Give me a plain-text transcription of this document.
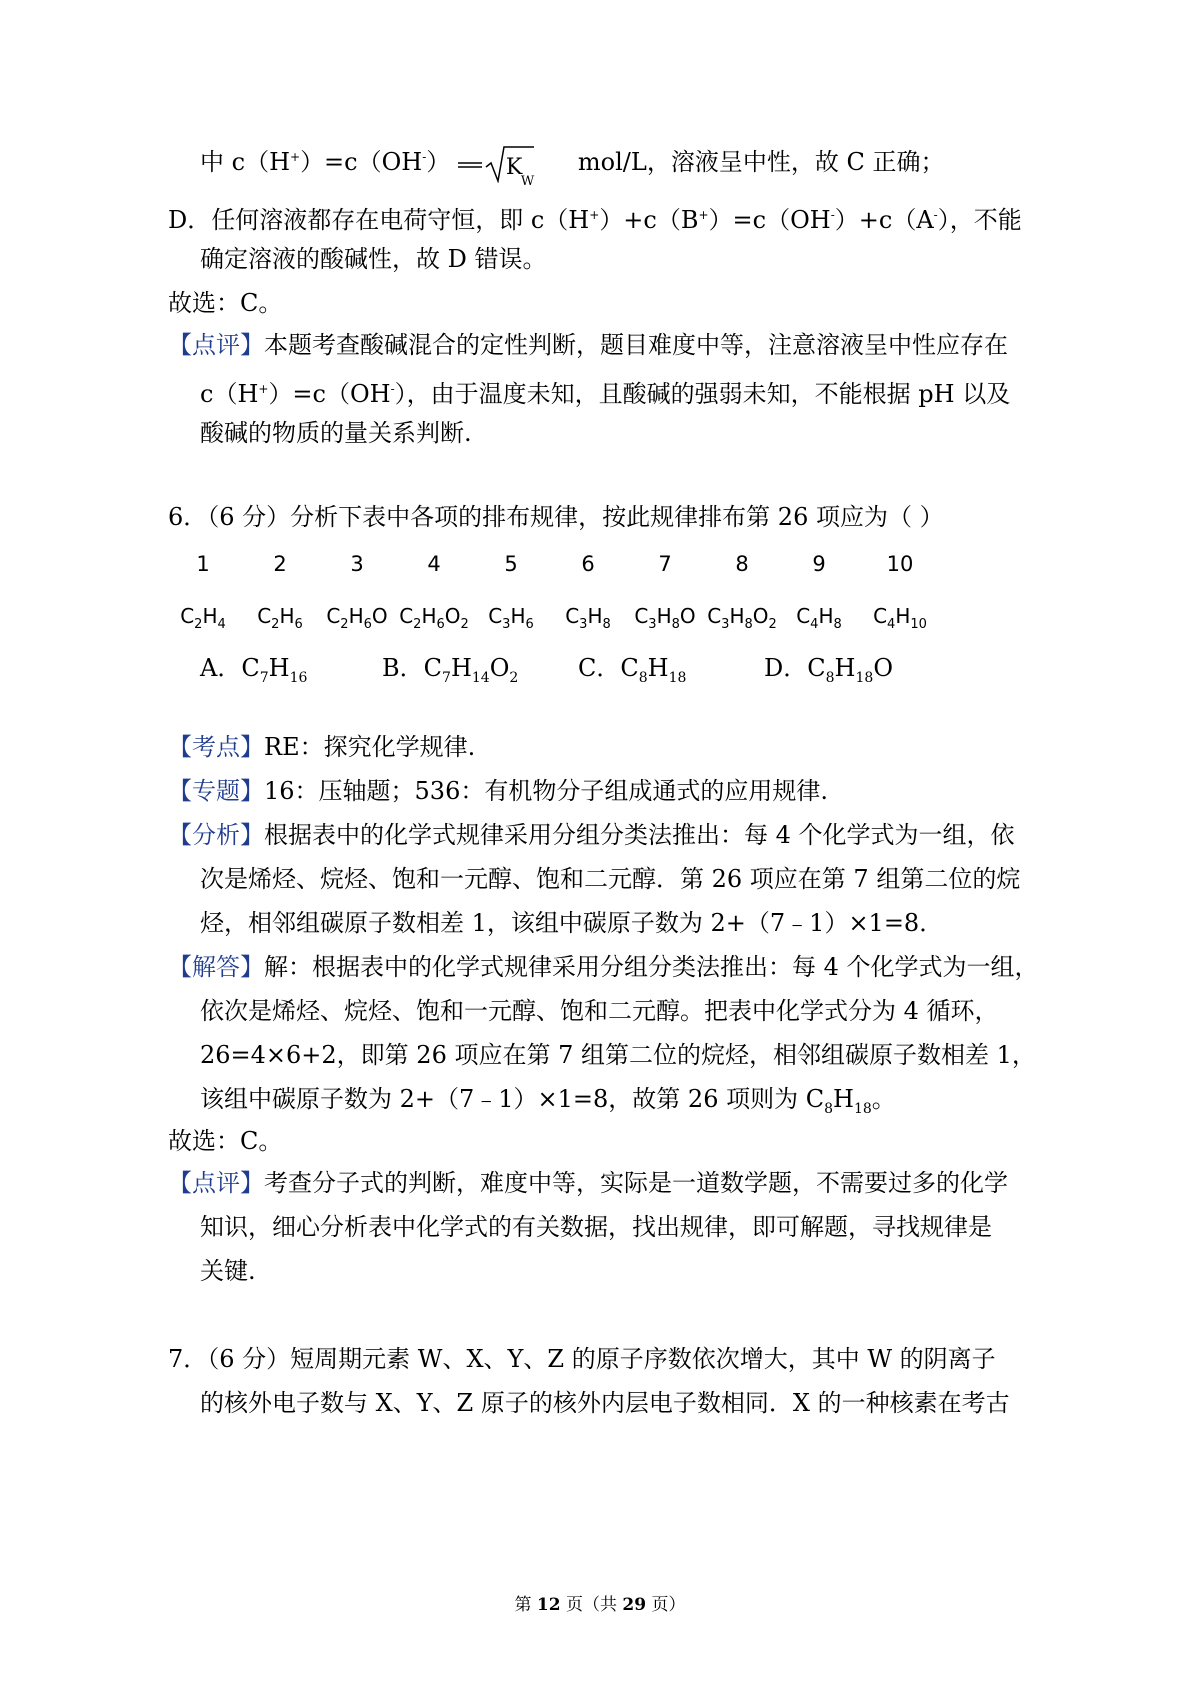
中 c（H+）=c（OH-）	K
W
mol/L，溶液呈中性，故 C 正确；
D．任何溶液都存在电荷守恒，即 c（H+）+c（B+）=c（OH-）+c（A-），不能
确定溶液的酸碱性，故 D 错误。
故选：C。
【点评】本题考查酸碱混合的定性判断，题目难度中等，注意溶液呈中性应存在
c（H+）=c（OH-），由于温度未知，且酸碱的强弱未知，不能根据 pH 以及
酸碱的物质的量关系判断.
6．（6 分）分析下表中各项的排布规律，按此规律排布第 26 项应为（ ）
1	2	3	4	5	6	7	8	9	10
$C_2H_4$ $C_2H_6$ $C_2H_6O$ $C_2H_6O_2$ $C_3H_6$ $C_3H_8$ $C_3H_8O$ $C_3H_8O_2$ $C_4H_8$ $C_4H_{10}$
A．$C_7H_{16}$	B．$C_7H_{14}O_2$ C．$C_8H_{18}$	D．$C_8H_{18}O$
【考点】RE：探究化学规律.
【专题】16：压轴题；536：有机物分子组成通式的应用规律.
【分析】根据表中的化学式规律采用分组分类法推出：每 4 个化学式为一组，依
次是烯烃、烷烃、饱和一元醇、饱和二元醇．第 26 项应在第 7 组第二位的烷
烃，相邻组碳原子数相差 1，该组中碳原子数为 2+（7﹣1）×1=8．
【解答】解：根据表中的化学式规律采用分组分类法推出：每 4 个化学式为一组，
依次是烯烃、烷烃、饱和一元醇、饱和二元醇。把表中化学式分为 4 循环，
26=4×6+2，即第 26 项应在第 7 组第二位的烷烃，相邻组碳原子数相差 1，
该组中碳原子数为 2+（7﹣1）×1=8，故第 26 项则为 $C_8H_{18}$。
故选：C。
【点评】考查分子式的判断，难度中等，实际是一道数学题，不需要过多的化学
知识，细心分析表中化学式的有关数据，找出规律，即可解题，寻找规律是
关键.
7．（6 分）短周期元素 W、X、Y、Z 的原子序数依次增大，其中 W 的阴离子
的核外电子数与 X、Y、Z 原子的核外内层电子数相同．X 的一种核素在考古
第 12 页（共 29 页）
